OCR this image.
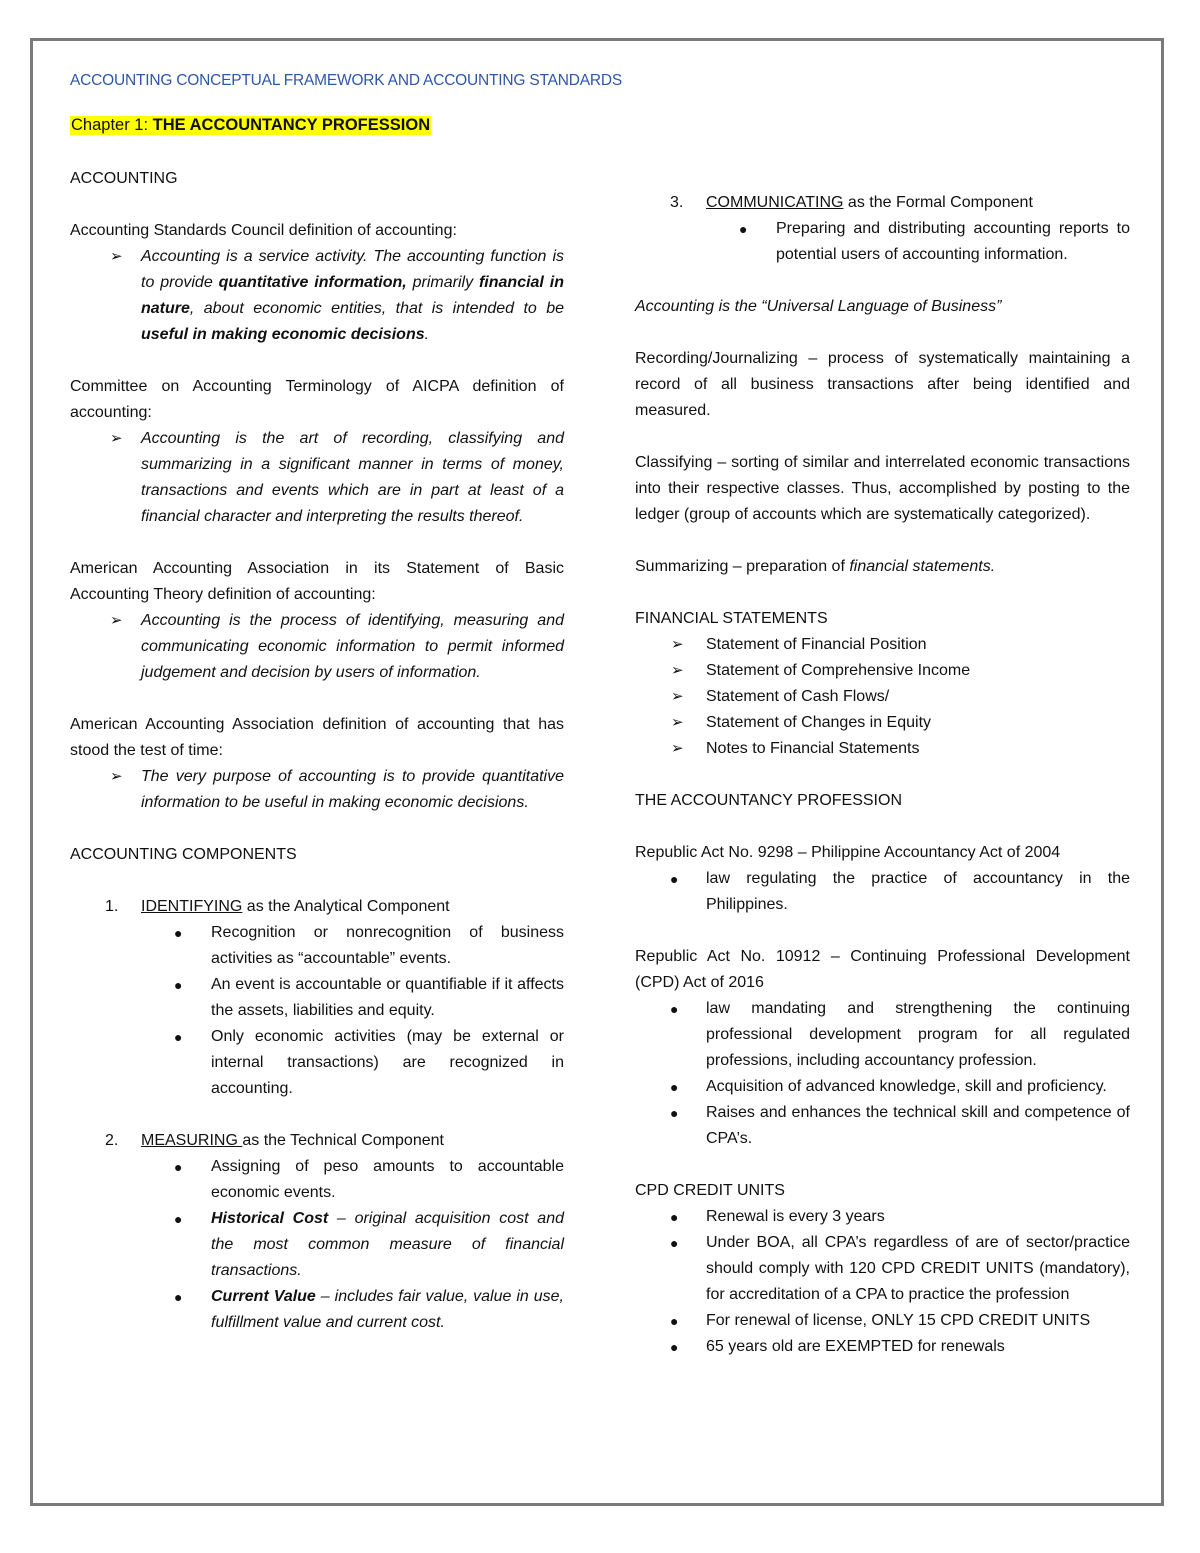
ACCOUNTING CONCEPTUAL FRAMEWORK AND ACCOUNTING STANDARDS
Chapter 1: THE ACCOUNTANCY PROFESSION

ACCOUNTING

Accounting Standards Council definition of accounting:

➢ Accounting is a service activity. The accounting function is to provide quantitative information, primarily financial in nature, about economic entities, that is intended to be useful in making economic decisions.

Committee on Accounting Terminology of AICPA definition of accounting:

➢ Accounting is the art of recording, classifying and summarizing in a significant manner in terms of money, transactions and events which are in part at least of a financial character and interpreting the results thereof.

American Accounting Association in its Statement of Basic Accounting Theory definition of accounting:

➢ Accounting is the process of identifying, measuring and communicating economic information to permit informed judgement and decision by users of information.

American Accounting Association definition of accounting that has stood the test of time:

➢ The very purpose of accounting is to provide quantitative information to be useful in making economic decisions.

ACCOUNTING COMPONENTS

1. IDENTIFYING as the Analytical Component
● Recognition or nonrecognition of business activities as “accountable” events.
● An event is accountable or quantifiable if it affects the assets, liabilities and equity.
● Only economic activities (may be external or internal transactions) are recognized in accounting.
2. MEASURING as the Technical Component
● Assigning of peso amounts to accountable economic events.
● Historical Cost – original acquisition cost and the most common measure of financial transactions.
● Current Value – includes fair value, value in use, fulfillment value and current cost.
3. COMMUNICATING as the Formal Component
● Preparing and distributing accounting reports to potential users of accounting information.

Accounting is the “Universal Language of Business”

Recording/Journalizing – process of systematically maintaining a record of all business transactions after being identified and measured.

Classifying – sorting of similar and interrelated economic transactions into their respective classes. Thus, accomplished by posting to the ledger (group of accounts which are systematically categorized).

Summarizing – preparation of financial statements.

FINANCIAL STATEMENTS

➢ Statement of Financial Position
➢ Statement of Comprehensive Income
➢ Statement of Cash Flows/
➢ Statement of Changes in Equity
➢ Notes to Financial Statements

THE ACCOUNTANCY PROFESSION

Republic Act No. 9298 – Philippine Accountancy Act of 2004

● law regulating the practice of accountancy in the Philippines.

Republic Act No. 10912 – Continuing Professional Development (CPD) Act of 2016

● law mandating and strengthening the continuing professional development program for all regulated professions, including accountancy profession.
● Acquisition of advanced knowledge, skill and proficiency.
● Raises and enhances the technical skill and competence of CPA’s.

CPD CREDIT UNITS

● Renewal is every 3 years
● Under BOA, all CPA’s regardless of are of sector/practice should comply with 120 CPD CREDIT UNITS (mandatory), for accreditation of a CPA to practice the profession
● For renewal of license, ONLY 15 CPD CREDIT UNITS
● 65 years old are EXEMPTED for renewals
